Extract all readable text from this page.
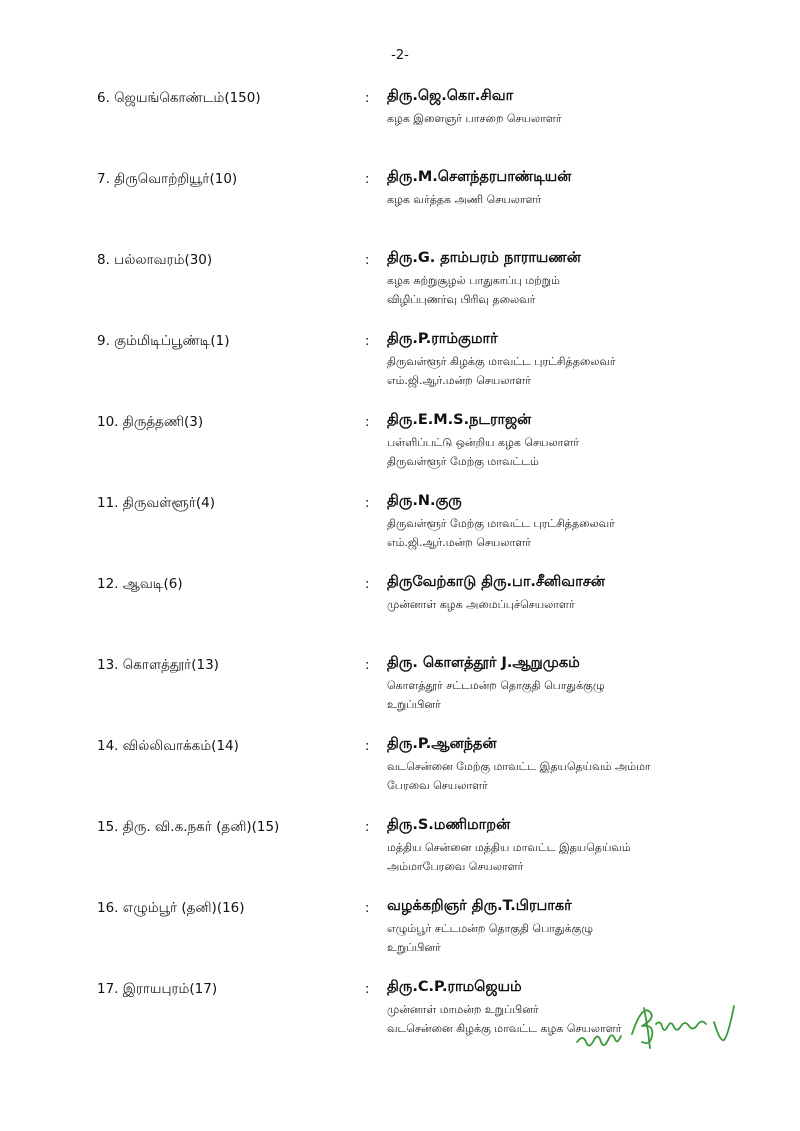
-2-
6. ஜெயங்கொண்டம்(150)	: திரு.ஜெ.கொ.சிவா
கழக இளைஞர் பாசறை செயலாளர்
7. திருவொற்றியூர்(10)	: திரு.M.சௌந்தரபாண்டியன்
கழக வர்த்தக அணி செயலாளர்
8. பல்லாவரம்(30)	: திரு.G. தாம்பரம் நாராயணன்
கழக சுற்றுசூழல் பாதுகாப்பு மற்றும்
விழிப்புணர்வு பிரிவு தலைவர்
9. கும்மிடிப்பூண்டி(1)	: திரு.P.ராம்குமார்
திருவள்ளூர் கிழக்கு மாவட்ட புரட்சித்தலைவர்
எம்.ஜி.ஆர்.மன்ற செயலாளர்
10. திருத்தணி(3)	: திரு.E.M.S.நடராஜன்
பள்ளிப்பட்டு ஒன்றிய கழக செயலாளர்
திருவள்ளூர் மேற்கு மாவட்டம்
11. திருவள்ளூர்(4)	: திரு.N.குரு
திருவள்ளூர் மேற்கு மாவட்ட புரட்சித்தலைவர்
எம்.ஜி.ஆர்.மன்ற செயலாளர்
12. ஆவடி(6)	: திருவேற்காடு திரு.பா.சீனிவாசன்
முன்னாள் கழக அமைப்புச்செயலாளர்
13. கொளத்தூர்(13)	: திரு. கொளத்தூர் J.ஆறுமுகம்
கொளத்தூர் சட்டமன்ற தொகுதி பொதுக்குழு
உறுப்பினர்
14. வில்லிவாக்கம்(14)	: திரு.P.ஆனந்தன்
வடசென்னை மேற்கு மாவட்ட இதயதெய்வம் அம்மா
பேரவை செயலாளர்
15. திரு. வி.க.நகர் (தனி)(15)	: திரு.S.மணிமாறன்
மத்திய சென்னை மத்திய மாவட்ட இதயதெய்வம்
அம்மாபேரவை செயலாளர்
16. எழும்பூர் (தனி)(16)	: வழக்கறிஞர் திரு.T.பிரபாகர்
எழும்பூர் சட்டமன்ற தொகுதி பொதுக்குழு
உறுப்பினர்
17. இராயபுரம்(17)	: திரு.C.P.ராமஜெயம்
முன்னாள் மாமன்ற உறுப்பினர்
வடசென்னை கிழக்கு மாவட்ட கழக செயலாளர்
